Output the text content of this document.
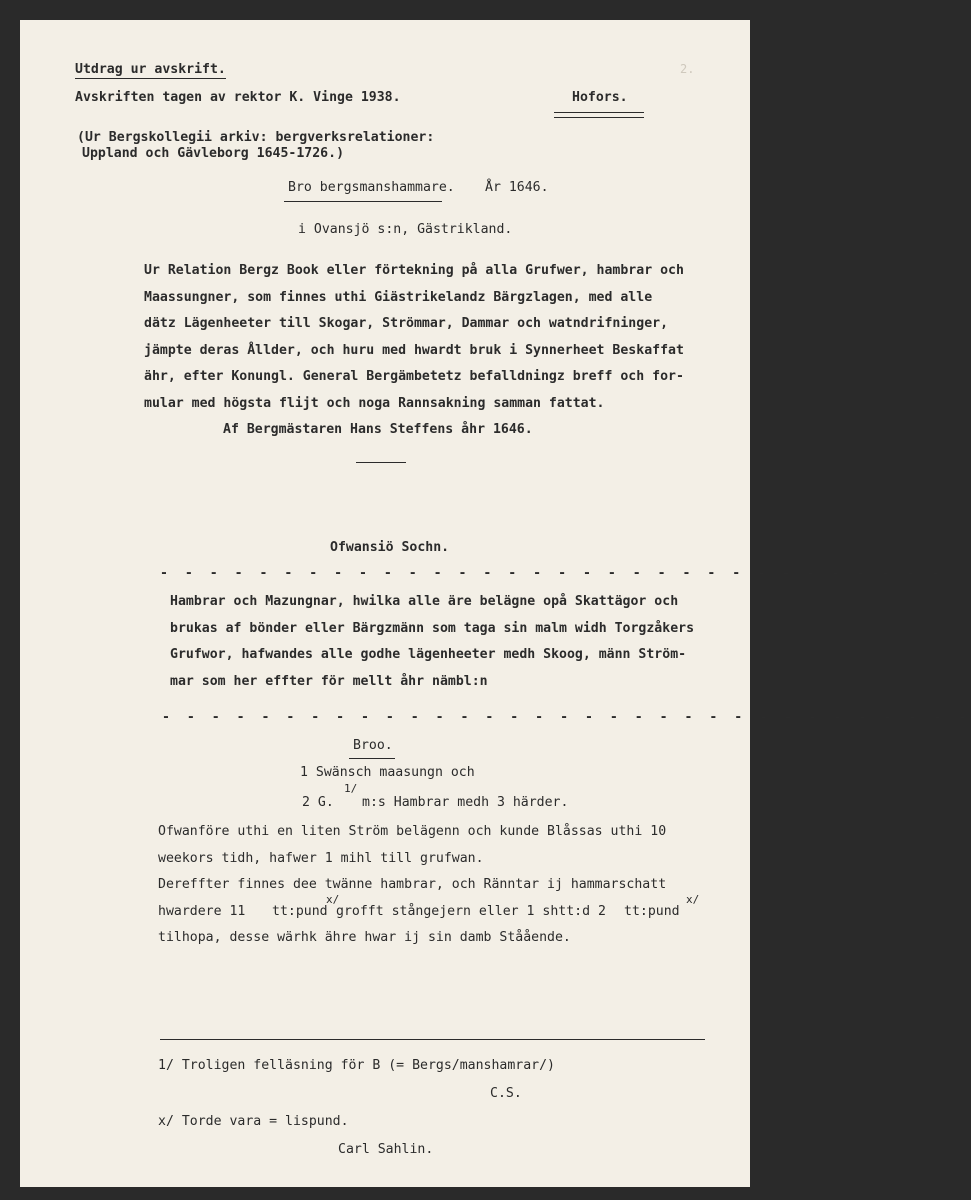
2.
Utdrag ur avskrift.
Avskriften tagen av rektor K. Vinge 1938.	Hofors.
(Ur Bergskollegii arkiv: bergverksrelationer:
Uppland och Gävleborg 1645-1726.)
Bro bergsmanshammare. År 1646.
i Ovansjö s:n, Gästrikland.
Ur Relation Bergz Book eller förtekning på alla Grufwer, hambrar och
Maassungner, som finnes uthi Giästrikelandz Bärgzlagen, med alle
dätz Lägenheeter till Skogar, Strömmar, Dammar och watndrifninger,
jämpte deras Ållder, och huru med hwardt bruk i Synnerheet Beskaffat
ähr, efter Konungl. General Bergämbetetz befalldningz breff och for-
mular med högsta flijt och noga Rannsakning samman fattat.
Af Bergmästaren Hans Steffens åhr 1646.
Ofwansiö Sochn.
- - - - - - - - - - - - - - - - - - - - - - - - - - - - - - - -
Hambrar och Mazungnar, hwilka alle äre belägne opå Skattägor och
brukas af bönder eller Bärgzmänn som taga sin malm widh Torgzåkers
Grufwor, hafwandes alle godhe lägenheeter medh Skoog, männ Ström-
mar som her effter för mellt åhr nämbl:n
- - - - - - - - - - - - - - - - - - - - - - - - - - - - - - - - -
Broo.
1 Swänsch maasungn och
1/
2 G. m:s Hambrar medh 3 härder.
Ofwanföre uthi en liten Ström belägenn och kunde Blåssas uthi 10
weekors tidh, hafwer 1 mihl till grufwan.
Dereffter finnes dee twänne hambrar, och Ränntar ij hammarschatt
hwardere 11 tt:pund
x/
grofft stångejern eller 1 shtt:d 2 tt:pund
x/
tilhopa, desse wärhk ähre hwar ij sin damb Ståående.
1/ Troligen felläsning för B (= Bergs/manshamrar/)
C.S.
x/ Torde vara = lispund.
Carl Sahlin.
